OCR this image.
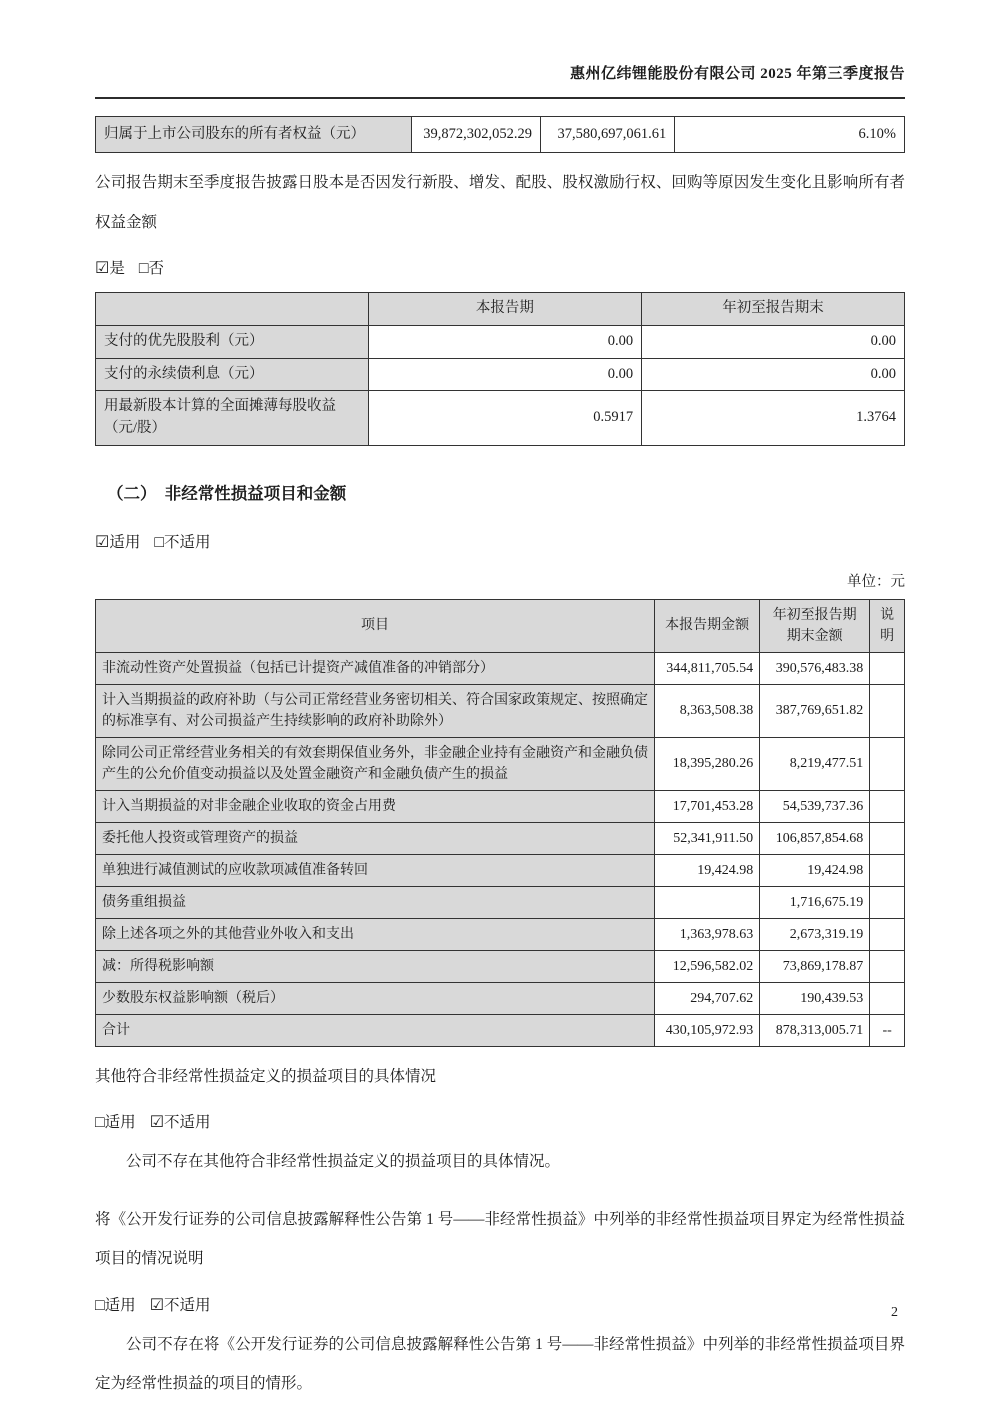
惠州亿纬锂能股份有限公司 2025 年第三季度报告
归属于上市公司股东的所有者权益（元）	39,872,302,052.29	37,580,697,061.61	6.10%

公司报告期末至季度报告披露日股本是否因发行新股、增发、配股、股权激励行权、回购等原因发生变化且影响所有者权益金额

☑是 □否
	本报告期	年初至报告期末
支付的优先股股利（元）	0.00	0.00
支付的永续债利息（元）	0.00	0.00
用最新股本计算的全面摊薄每股收益（元/股）	0.5917	1.3764
（二）　非经常性损益项目和金额
☑适用 □不适用
单位：元
项目	本报告期金额	年初至报告期期末金额	说明
非流动性资产处置损益（包括已计提资产减值准备的冲销部分）	344,811,705.54	390,576,483.38	
计入当期损益的政府补助（与公司正常经营业务密切相关、符合国家政策规定、按照确定的标准享有、对公司损益产生持续影响的政府补助除外）	8,363,508.38	387,769,651.82	
除同公司正常经营业务相关的有效套期保值业务外，非金融企业持有金融资产和金融负债产生的公允价值变动损益以及处置金融资产和金融负债产生的损益	18,395,280.26	8,219,477.51	
计入当期损益的对非金融企业收取的资金占用费	17,701,453.28	54,539,737.36	
委托他人投资或管理资产的损益	52,341,911.50	106,857,854.68	
单独进行减值测试的应收款项减值准备转回	19,424.98	19,424.98	
债务重组损益		1,716,675.19	
除上述各项之外的其他营业外收入和支出	1,363,978.63	2,673,319.19	
减：所得税影响额	12,596,582.02	73,869,178.87	
少数股东权益影响额（税后）	294,707.62	190,439.53	
合计	430,105,972.93	878,313,005.71	--

其他符合非经常性损益定义的损益项目的具体情况

□适用 ☑不适用

公司不存在其他符合非经常性损益定义的损益项目的具体情况。

将《公开发行证券的公司信息披露解释性公告第 1 号——非经常性损益》中列举的非经常性损益项目界定为经常性损益项目的情况说明

□适用 ☑不适用

公司不存在将《公开发行证券的公司信息披露解释性公告第 1 号——非经常性损益》中列举的非经常性损益项目界定为经常性损益的项目的情形。

2
